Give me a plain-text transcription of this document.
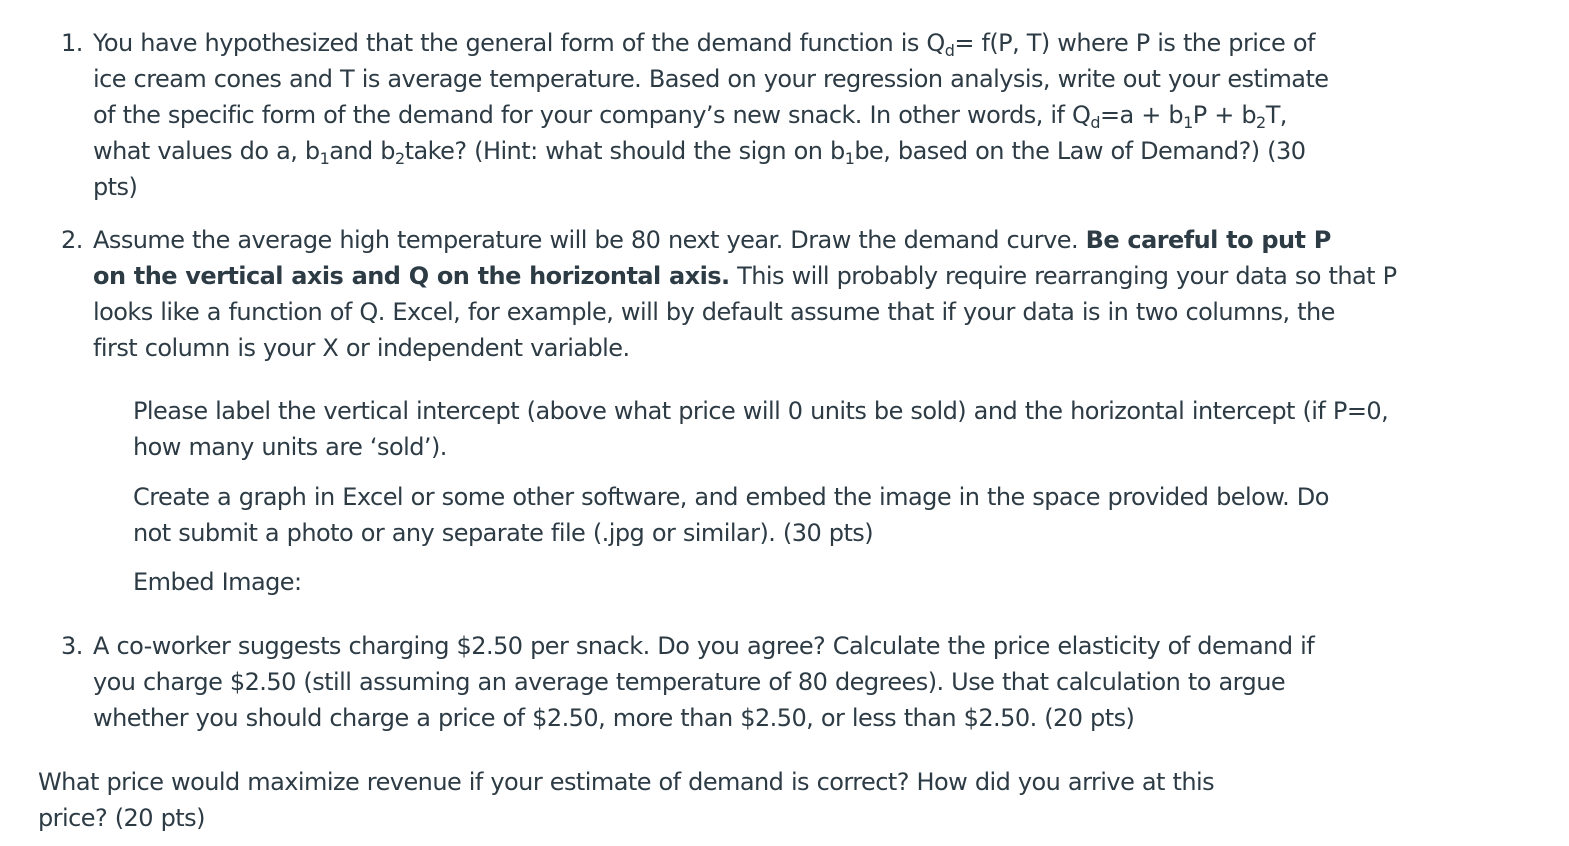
1. You have hypothesized that the general form of the demand function is $Q_d= f(P$, T) where P is the price of
ice cream cones and T is average temperature. Based on your regression analysis, write out your estimate
of the specific form of the demand for your company’s new snack. In other words, if $Q_d=a + b_1P + b_2T$,
what values do a, $b_1and$ $b_2take$? (Hint: what should the sign on $b_1be$, based on the Law of Demand?) (30
pts)
2. Assume the average high temperature will be 80 next year. Draw the demand curve. Be careful to put P
on the vertical axis and Q on the horizontal axis. This will probably require rearranging your data so that P
looks like a function of Q. Excel, for example, will by default assume that if your data is in two columns, the
first column is your X or independent variable.
Please label the vertical intercept (above what price will 0 units be sold) and the horizontal intercept (if P=0,
how many units are ‘sold’).
Create a graph in Excel or some other software, and embed the image in the space provided below. Do
not submit a photo or any separate file (.jpg or similar). (30 pts)
Embed Image:
3. A co-worker suggests charging $2.50 per snack. Do you agree? Calculate the price elasticity of demand if
you charge $2.50 (still assuming an average temperature of 80 degrees). Use that calculation to argue
whether you should charge a price of $2.50, more than $2.50, or less than $2.50. (20 pts)
What price would maximize revenue if your estimate of demand is correct? How did you arrive at this
price? (20 pts)
